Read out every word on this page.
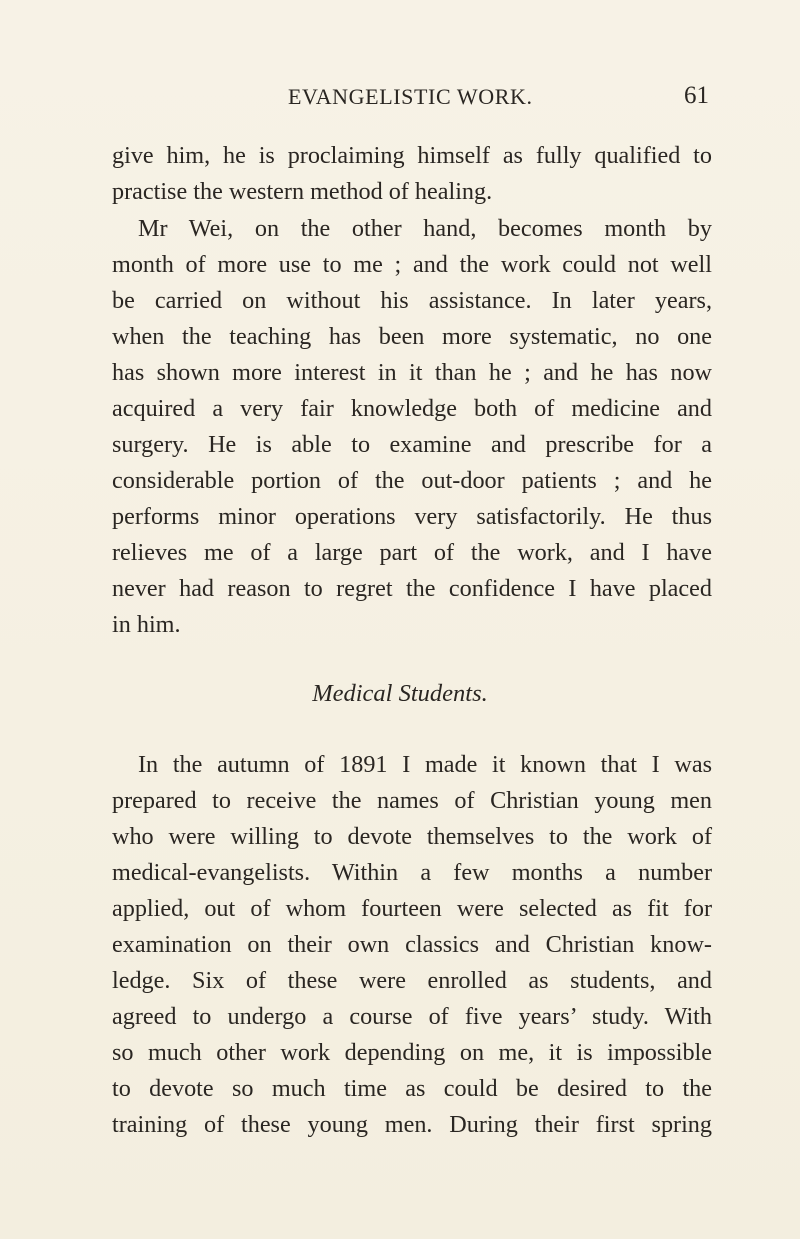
EVANGELISTIC WORK.	61
give him, he is proclaiming himself as fully qualified to
practise the western method of healing.
Mr Wei, on the other hand, becomes month by
month of more use to me ; and the work could not well
be carried on without his assistance. In later years,
when the teaching has been more systematic, no one
has shown more interest in it than he ; and he has now
acquired a very fair knowledge both of medicine and
surgery. He is able to examine and prescribe for a
considerable portion of the out-door patients ; and he
performs minor operations very satisfactorily. He thus
relieves me of a large part of the work, and I have
never had reason to regret the confidence I have placed
in him.
Medical Students.
In the autumn of 1891 I made it known that I was
prepared to receive the names of Christian young men
who were willing to devote themselves to the work of
medical-evangelists. Within a few months a number
applied, out of whom fourteen were selected as fit for
examination on their own classics and Christian know-
ledge. Six of these were enrolled as students, and
agreed to undergo a course of five years’ study. With
so much other work depending on me, it is impossible
to devote so much time as could be desired to the
training of these young men. During their first spring
